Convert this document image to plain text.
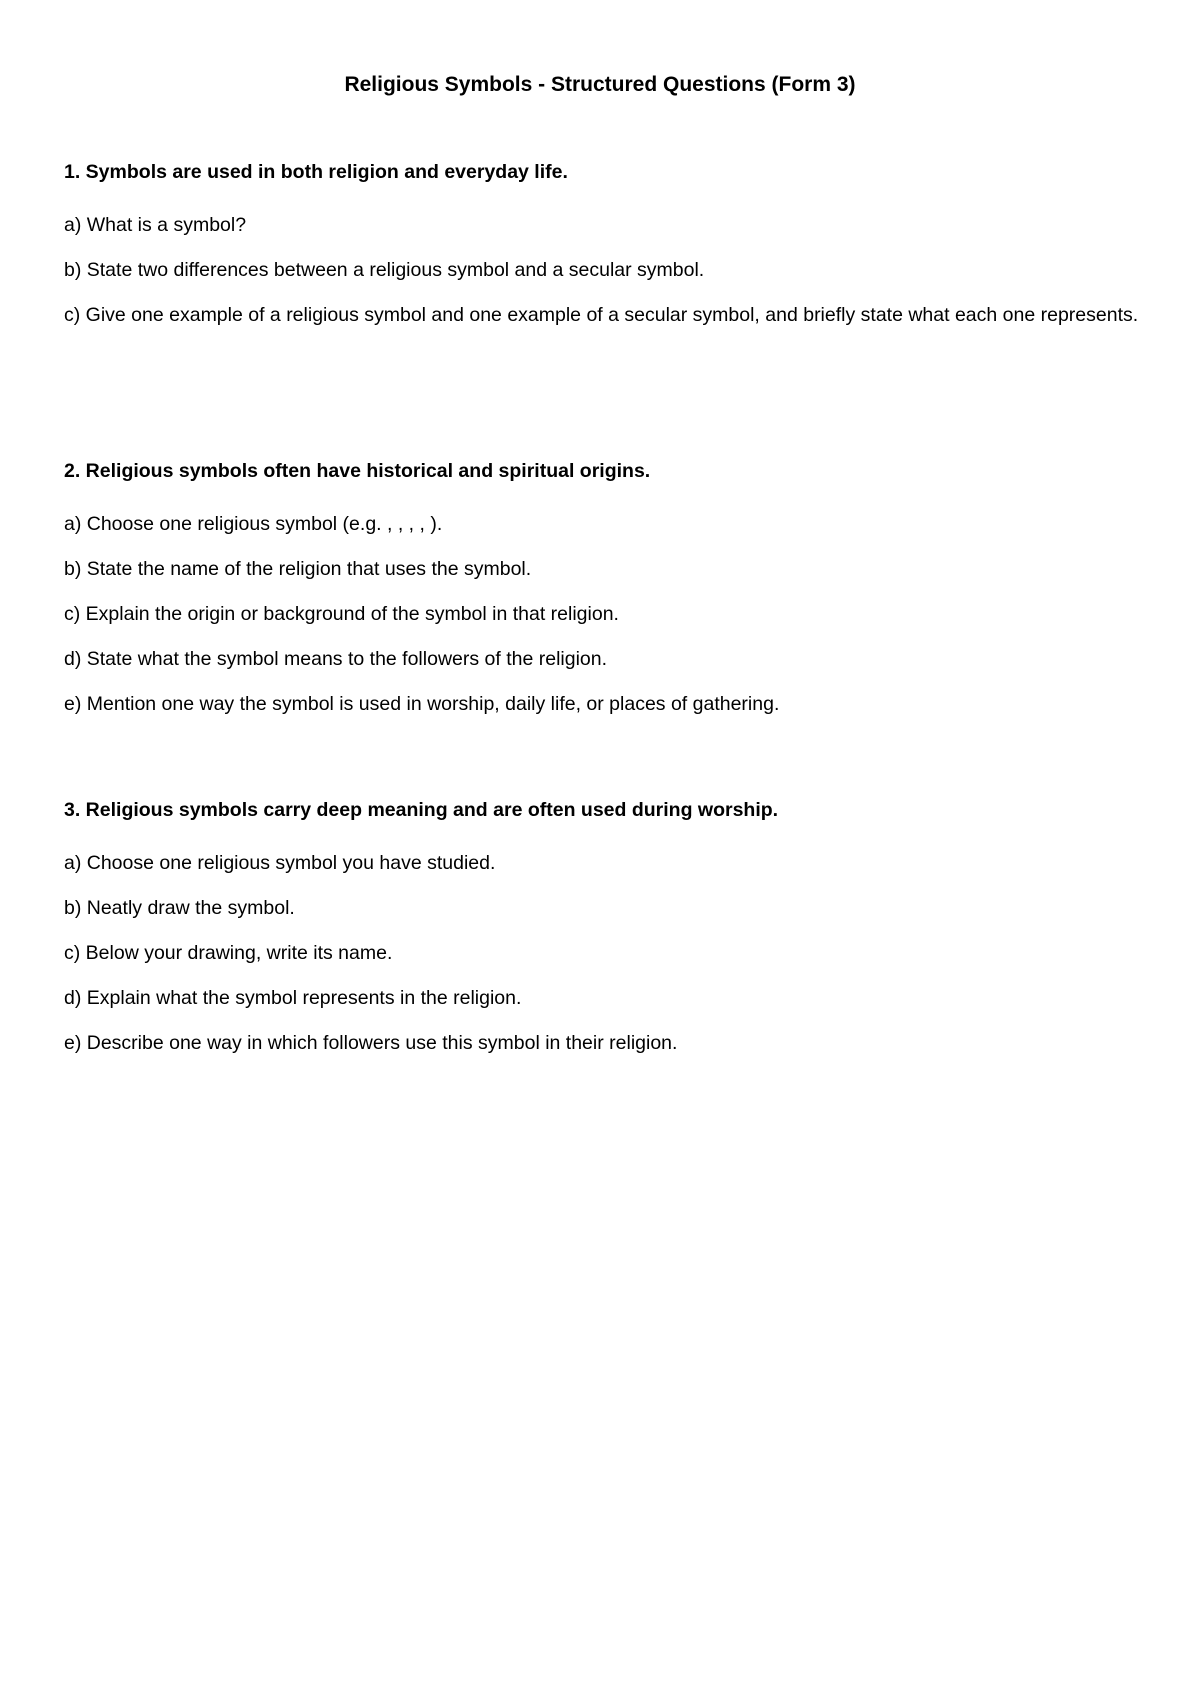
Religious Symbols - Structured Questions (Form 3)

1. Symbols are used in both religion and everyday life.

a) What is a symbol?

b) State two differences between a religious symbol and a secular symbol.

c) Give one example of a religious symbol and one example of a secular symbol, and briefly state what each one represents.

2. Religious symbols often have historical and spiritual origins.

a) Choose one religious symbol (e.g. , , , , ).

b) State the name of the religion that uses the symbol.

c) Explain the origin or background of the symbol in that religion.

d) State what the symbol means to the followers of the religion.

e) Mention one way the symbol is used in worship, daily life, or places of gathering.

3. Religious symbols carry deep meaning and are often used during worship.

a) Choose one religious symbol you have studied.

b) Neatly draw the symbol.

c) Below your drawing, write its name.

d) Explain what the symbol represents in the religion.

e) Describe one way in which followers use this symbol in their religion.
